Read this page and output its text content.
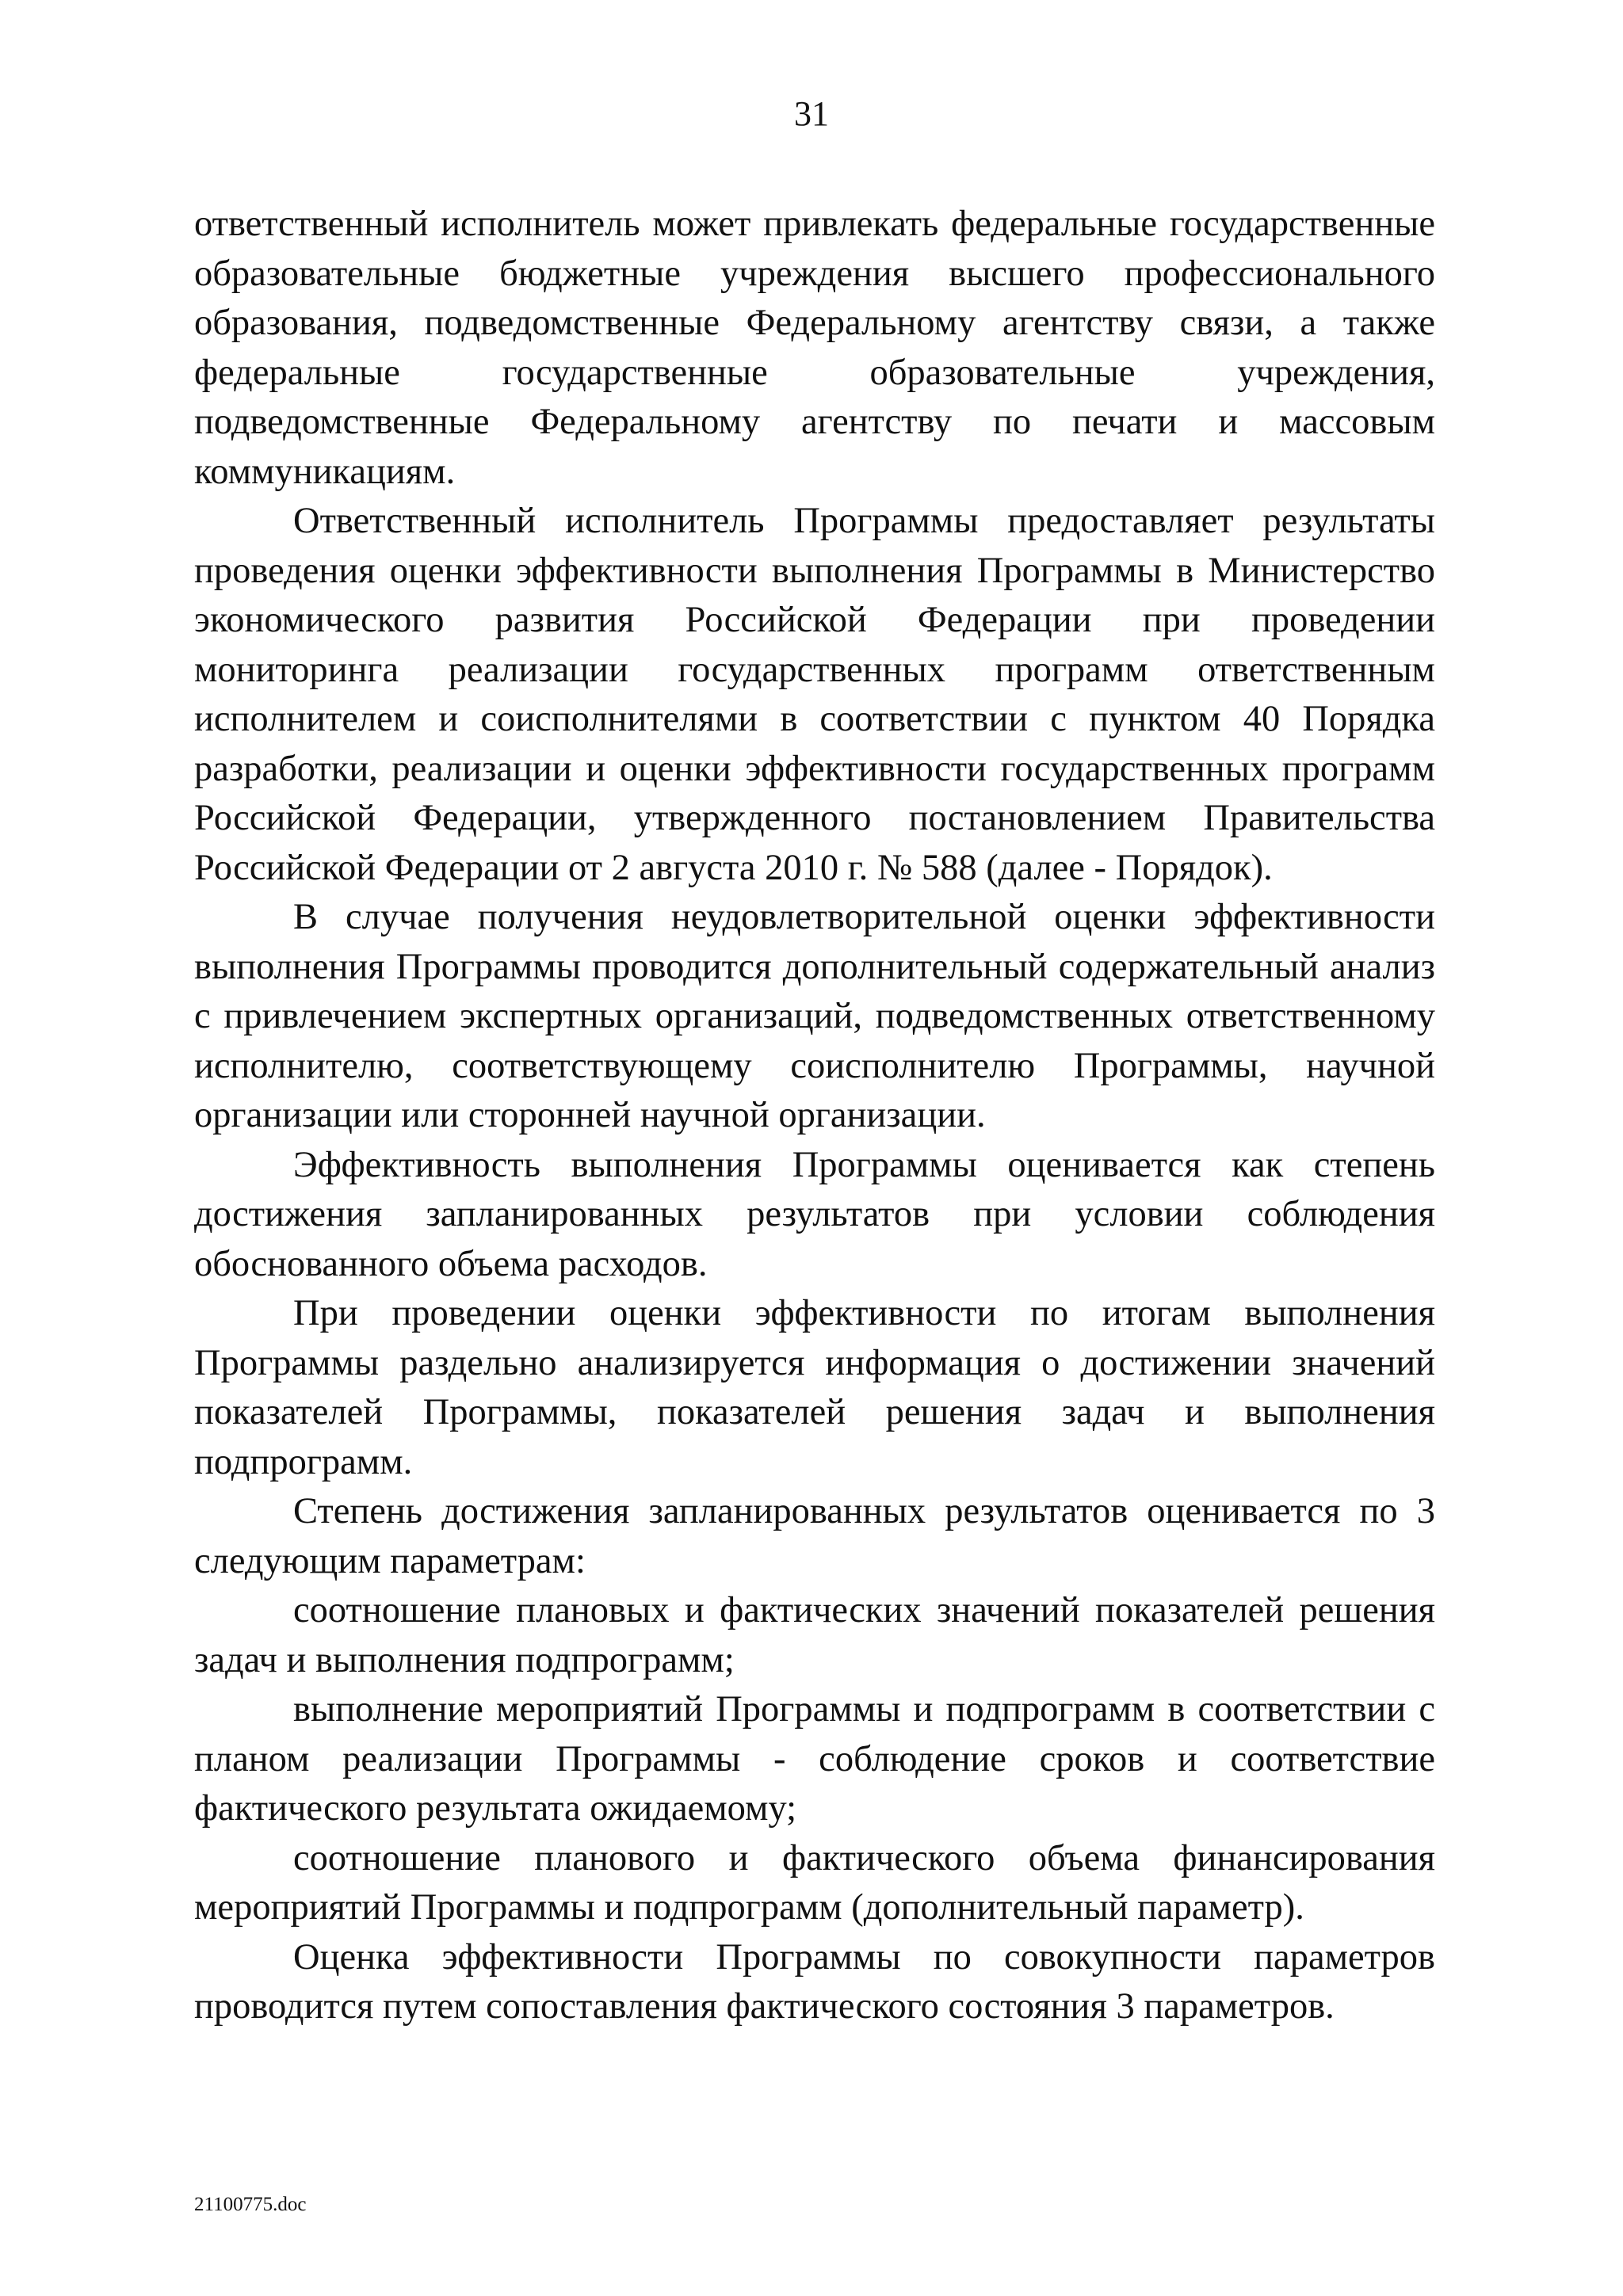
31

ответственный исполнитель может привлекать федеральные государственные образовательные бюджетные учреждения высшего профессионального образования, подведомственные Федеральному агентству связи, а также федеральные государственные образовательные учреждения, подведомственные Федеральному агентству по печати и массовым коммуникациям.

Ответственный исполнитель Программы предоставляет результаты проведения оценки эффективности выполнения Программы в Министерство экономического развития Российской Федерации при проведении мониторинга реализации государственных программ ответственным исполнителем и соисполнителями в соответствии с пунктом 40 Порядка разработки, реализации и оценки эффективности государственных программ Российской Федерации, утвержденного постановлением Правительства Российской Федерации от 2 августа 2010 г. № 588 (далее - Порядок).

В случае получения неудовлетворительной оценки эффективности выполнения Программы проводится дополнительный содержательный анализ с привлечением экспертных организаций, подведомственных ответственному исполнителю, соответствующему соисполнителю Программы, научной организации или сторонней научной организации.

Эффективность выполнения Программы оценивается как степень достижения запланированных результатов при условии соблюдения обоснованного объема расходов.

При проведении оценки эффективности по итогам выполнения Программы раздельно анализируется информация о достижении значений показателей Программы, показателей решения задач и выполнения подпрограмм.

Степень достижения запланированных результатов оценивается по 3 следующим параметрам:

соотношение плановых и фактических значений показателей решения задач и выполнения подпрограмм;

выполнение мероприятий Программы и подпрограмм в соответствии с планом реализации Программы - соблюдение сроков и соответствие фактического результата ожидаемому;

соотношение планового и фактического объема финансирования мероприятий Программы и подпрограмм (дополнительный параметр).

Оценка эффективности Программы по совокупности параметров проводится путем сопоставления фактического состояния 3 параметров.

21100775.doc
